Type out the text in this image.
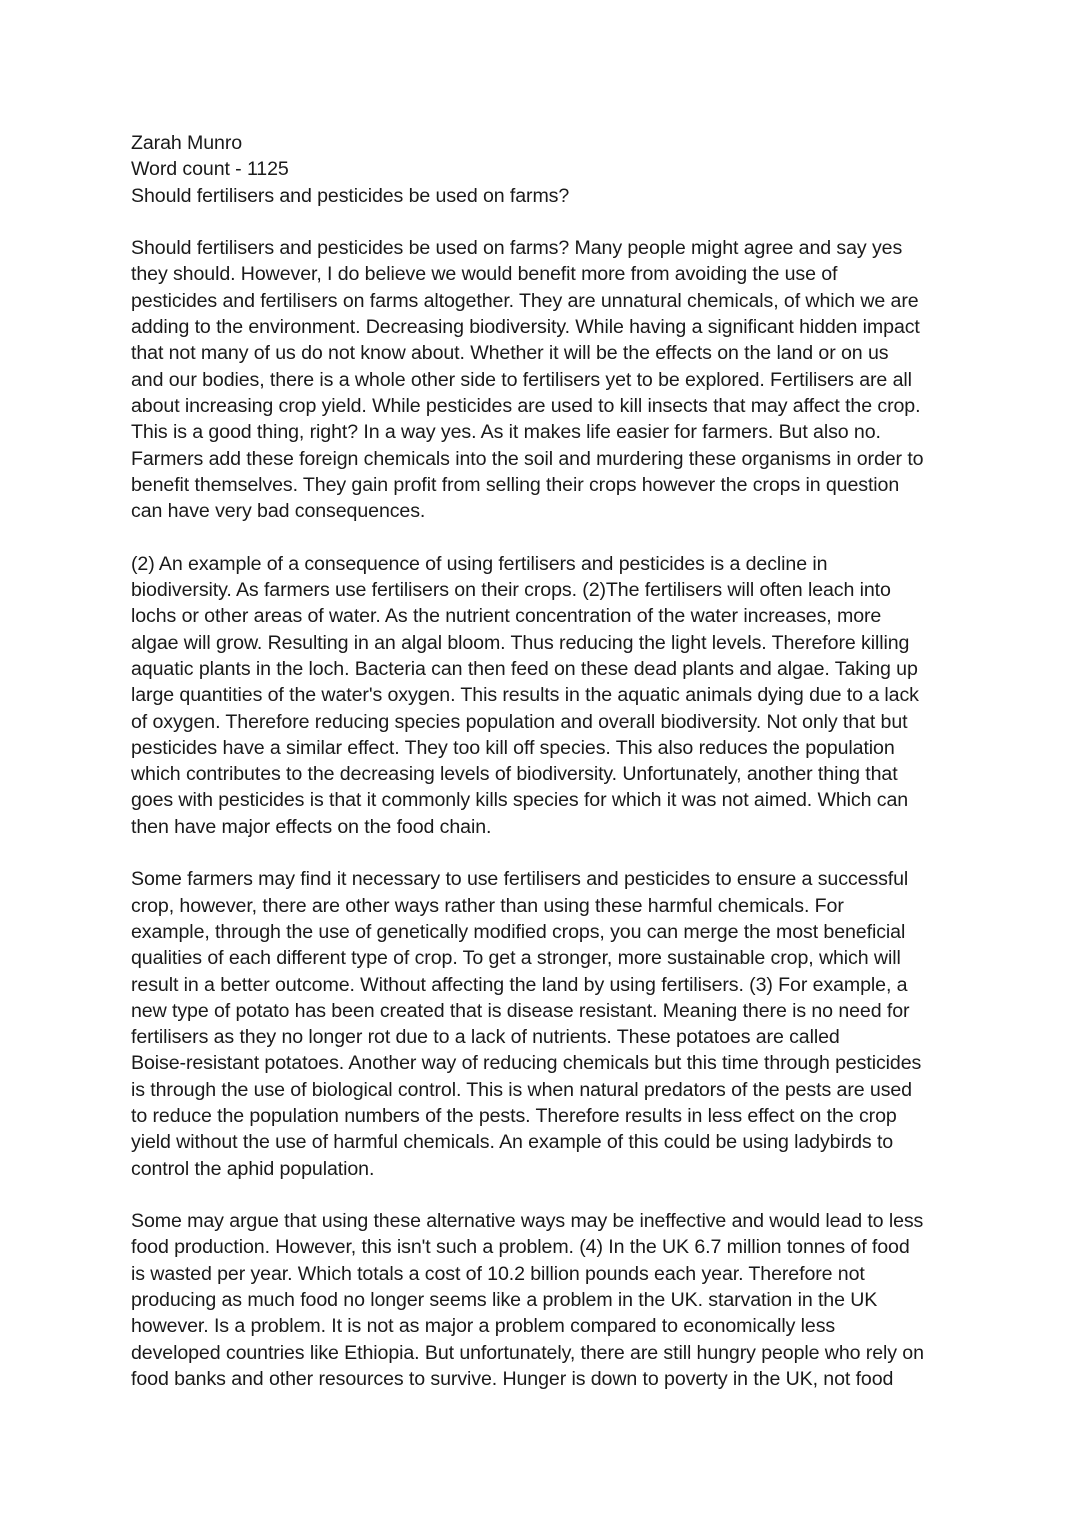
Zarah Munro
Word count - 1125
Should fertilisers and pesticides be used on farms?
Should fertilisers and pesticides be used on farms? Many people might agree and say yes
they should. However, I do believe we would benefit more from avoiding the use of
pesticides and fertilisers on farms altogether. They are unnatural chemicals, of which we are
adding to the environment. Decreasing biodiversity. While having a significant hidden impact
that not many of us do not know about. Whether it will be the effects on the land or on us
and our bodies, there is a whole other side to fertilisers yet to be explored. Fertilisers are all
about increasing crop yield. While pesticides are used to kill insects that may affect the crop.
This is a good thing, right? In a way yes. As it makes life easier for farmers. But also no.
Farmers add these foreign chemicals into the soil and murdering these organisms in order to
benefit themselves. They gain profit from selling their crops however the crops in question
can have very bad consequences.
(2) An example of a consequence of using fertilisers and pesticides is a decline in
biodiversity. As farmers use fertilisers on their crops. (2)The fertilisers will often leach into
lochs or other areas of water. As the nutrient concentration of the water increases, more
algae will grow. Resulting in an algal bloom. Thus reducing the light levels. Therefore killing
aquatic plants in the loch. Bacteria can then feed on these dead plants and algae. Taking up
large quantities of the water's oxygen. This results in the aquatic animals dying due to a lack
of oxygen. Therefore reducing species population and overall biodiversity. Not only that but
pesticides have a similar effect. They too kill off species. This also reduces the population
which contributes to the decreasing levels of biodiversity. Unfortunately, another thing that
goes with pesticides is that it commonly kills species for which it was not aimed. Which can
then have major effects on the food chain.
Some farmers may find it necessary to use fertilisers and pesticides to ensure a successful
crop, however, there are other ways rather than using these harmful chemicals. For
example, through the use of genetically modified crops, you can merge the most beneficial
qualities of each different type of crop. To get a stronger, more sustainable crop, which will
result in a better outcome. Without affecting the land by using fertilisers. (3) For example, a
new type of potato has been created that is disease resistant. Meaning there is no need for
fertilisers as they no longer rot due to a lack of nutrients. These potatoes are called
Boise-resistant potatoes. Another way of reducing chemicals but this time through pesticides
is through the use of biological control. This is when natural predators of the pests are used
to reduce the population numbers of the pests. Therefore results in less effect on the crop
yield without the use of harmful chemicals. An example of this could be using ladybirds to
control the aphid population.
Some may argue that using these alternative ways may be ineffective and would lead to less
food production. However, this isn't such a problem. (4) In the UK 6.7 million tonnes of food
is wasted per year. Which totals a cost of 10.2 billion pounds each year. Therefore not
producing as much food no longer seems like a problem in the UK. starvation in the UK
however. Is a problem. It is not as major a problem compared to economically less
developed countries like Ethiopia. But unfortunately, there are still hungry people who rely on
food banks and other resources to survive. Hunger is down to poverty in the UK, not food
